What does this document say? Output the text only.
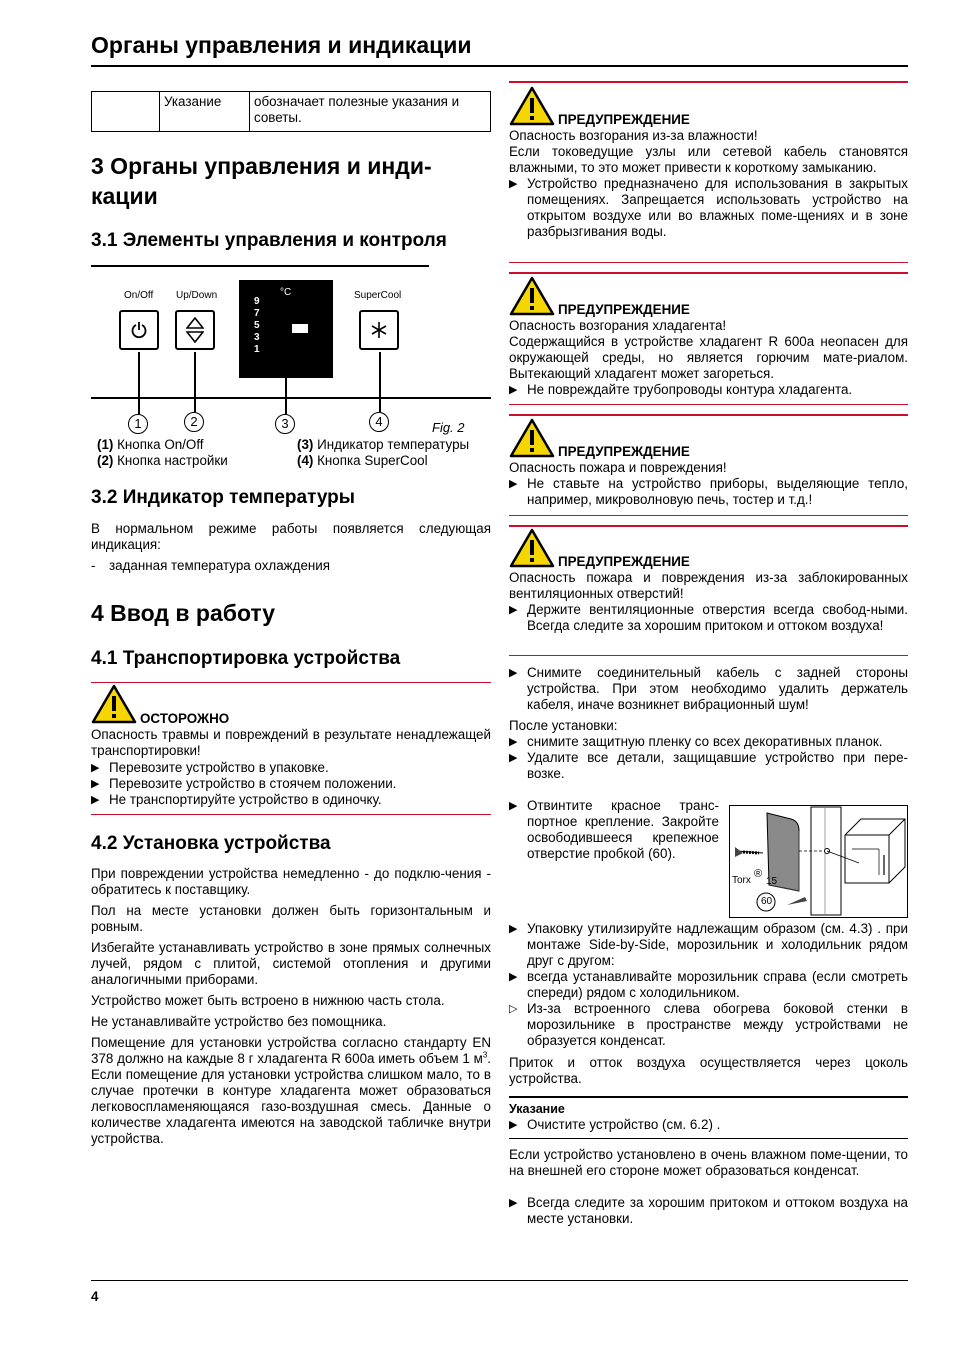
Органы управления и индикации
	Указание	обозначает полезные указания и советы.
3 Органы управления и инди-
кации
3.1 Элементы управления и контроля
On/Off Up/Down	SuperCool
°C
9
7
5
3
1
1	2	3	4	Fig. 2
(1) Кнопка On/Off	(3) Индикатор температуры
(2) Кнопка настройки	(4) Кнопка SuperCool
3.2 Индикатор температуры
В нормальном режиме работы появляется следующая индикация:
- заданная температура охлаждения
4 Ввод в работу
4.1 Транспортировка устройства
ОСТОРОЖНО
Опасность травмы и повреждений в результате ненадлежащей транспортировки!
▶ Перевозите устройство в упаковке.
▶ Перевозите устройство в стоячем положении.
▶ Не транспортируйте устройство в одиночку.
4.2 Установка устройства

При повреждении устройства немедленно - до подклю-чения - обратитесь к поставщику.

Пол на месте установки должен быть горизонтальным и ровным.

Избегайте устанавливать устройство в зоне прямых солнечных лучей, рядом с плитой, системой отопления и другими аналогичными приборами.

Устройство может быть встроено в нижнюю часть стола.

Не устанавливайте устройство без помощника.

Помещение для установки устройства согласно стандарту EN 378 должно на каждые 8 г хладагента R 600a иметь объем 1 $м^3$. Если помещение для установки устройства слишком мало, то в случае протечки в контуре хладагента может образоваться легковоспламеняющаяся газо-воздушная смесь. Данные о количестве хладагента имеются на заводской табличке внутри устройства.

ПРЕДУПРЕЖДЕНИЕ
Опасность возгорания из-за влажности!
Если токоведущие узлы или сетевой кабель становятся влажными, то это может привести к короткому замыканию.
▶ Устройство предназначено для использования в закрытых помещениях. Запрещается использовать устройство на открытом воздухе или во влажных поме-щениях и в зоне разбрызгивания воды.
ПРЕДУПРЕЖДЕНИЕ
Опасность возгорания хладагента!
Содержащийся в устройстве хладагент R 600a неопасен для окружающей среды, но является горючим мате-риалом. Вытекающий хладагент может загореться.
▶ Не повреждайте трубопроводы контура хладагента.
ПРЕДУПРЕЖДЕНИЕ
Опасность пожара и повреждения!
▶ Не ставьте на устройство приборы, выделяющие тепло, например, микроволновую печь, тостер и т.д.!
ПРЕДУПРЕЖДЕНИЕ
Опасность пожара и повреждения из-за заблокированных вентиляционных отверстий!
▶ Держите вентиляционные отверстия всегда свобод-ными. Всегда следите за хорошим притоком и оттоком воздуха!
▶ Снимите соединительный кабель с задней стороны устройства. При этом необходимо удалить держатель кабеля, иначе возникнет вибрационный шум!
После установки:
▶ снимите защитную пленку со всех декоративных планок.
▶ Удалите все детали, защищавшие устройство при пере-возке.
▶ Отвинтите красное транс-портное крепление. Закройте освободившееся крепежное отверстие пробкой (60).
Torx
®
15
60
▶ Упаковку утилизируйте надлежащим образом (см. 4.3) . при монтаже Side-by-Side, морозильник и холодильник рядом друг с другом:
▶ всегда устанавливайте морозильник справа (если смотреть спереди) рядом с холодильником.
▷ Из-за встроенного слева обогрева боковой стенки в морозильнике в пространстве между устройствами не образуется конденсат.
Приток и отток воздуха осуществляется через цоколь устройства.
Указание
▶ Очистите устройство (см. 6.2) .
Если устройство установлено в очень влажном поме-щении, то на внешней его стороне может образоваться конденсат.
▶ Всегда следите за хорошим притоком и оттоком воздуха на месте установки.
4
